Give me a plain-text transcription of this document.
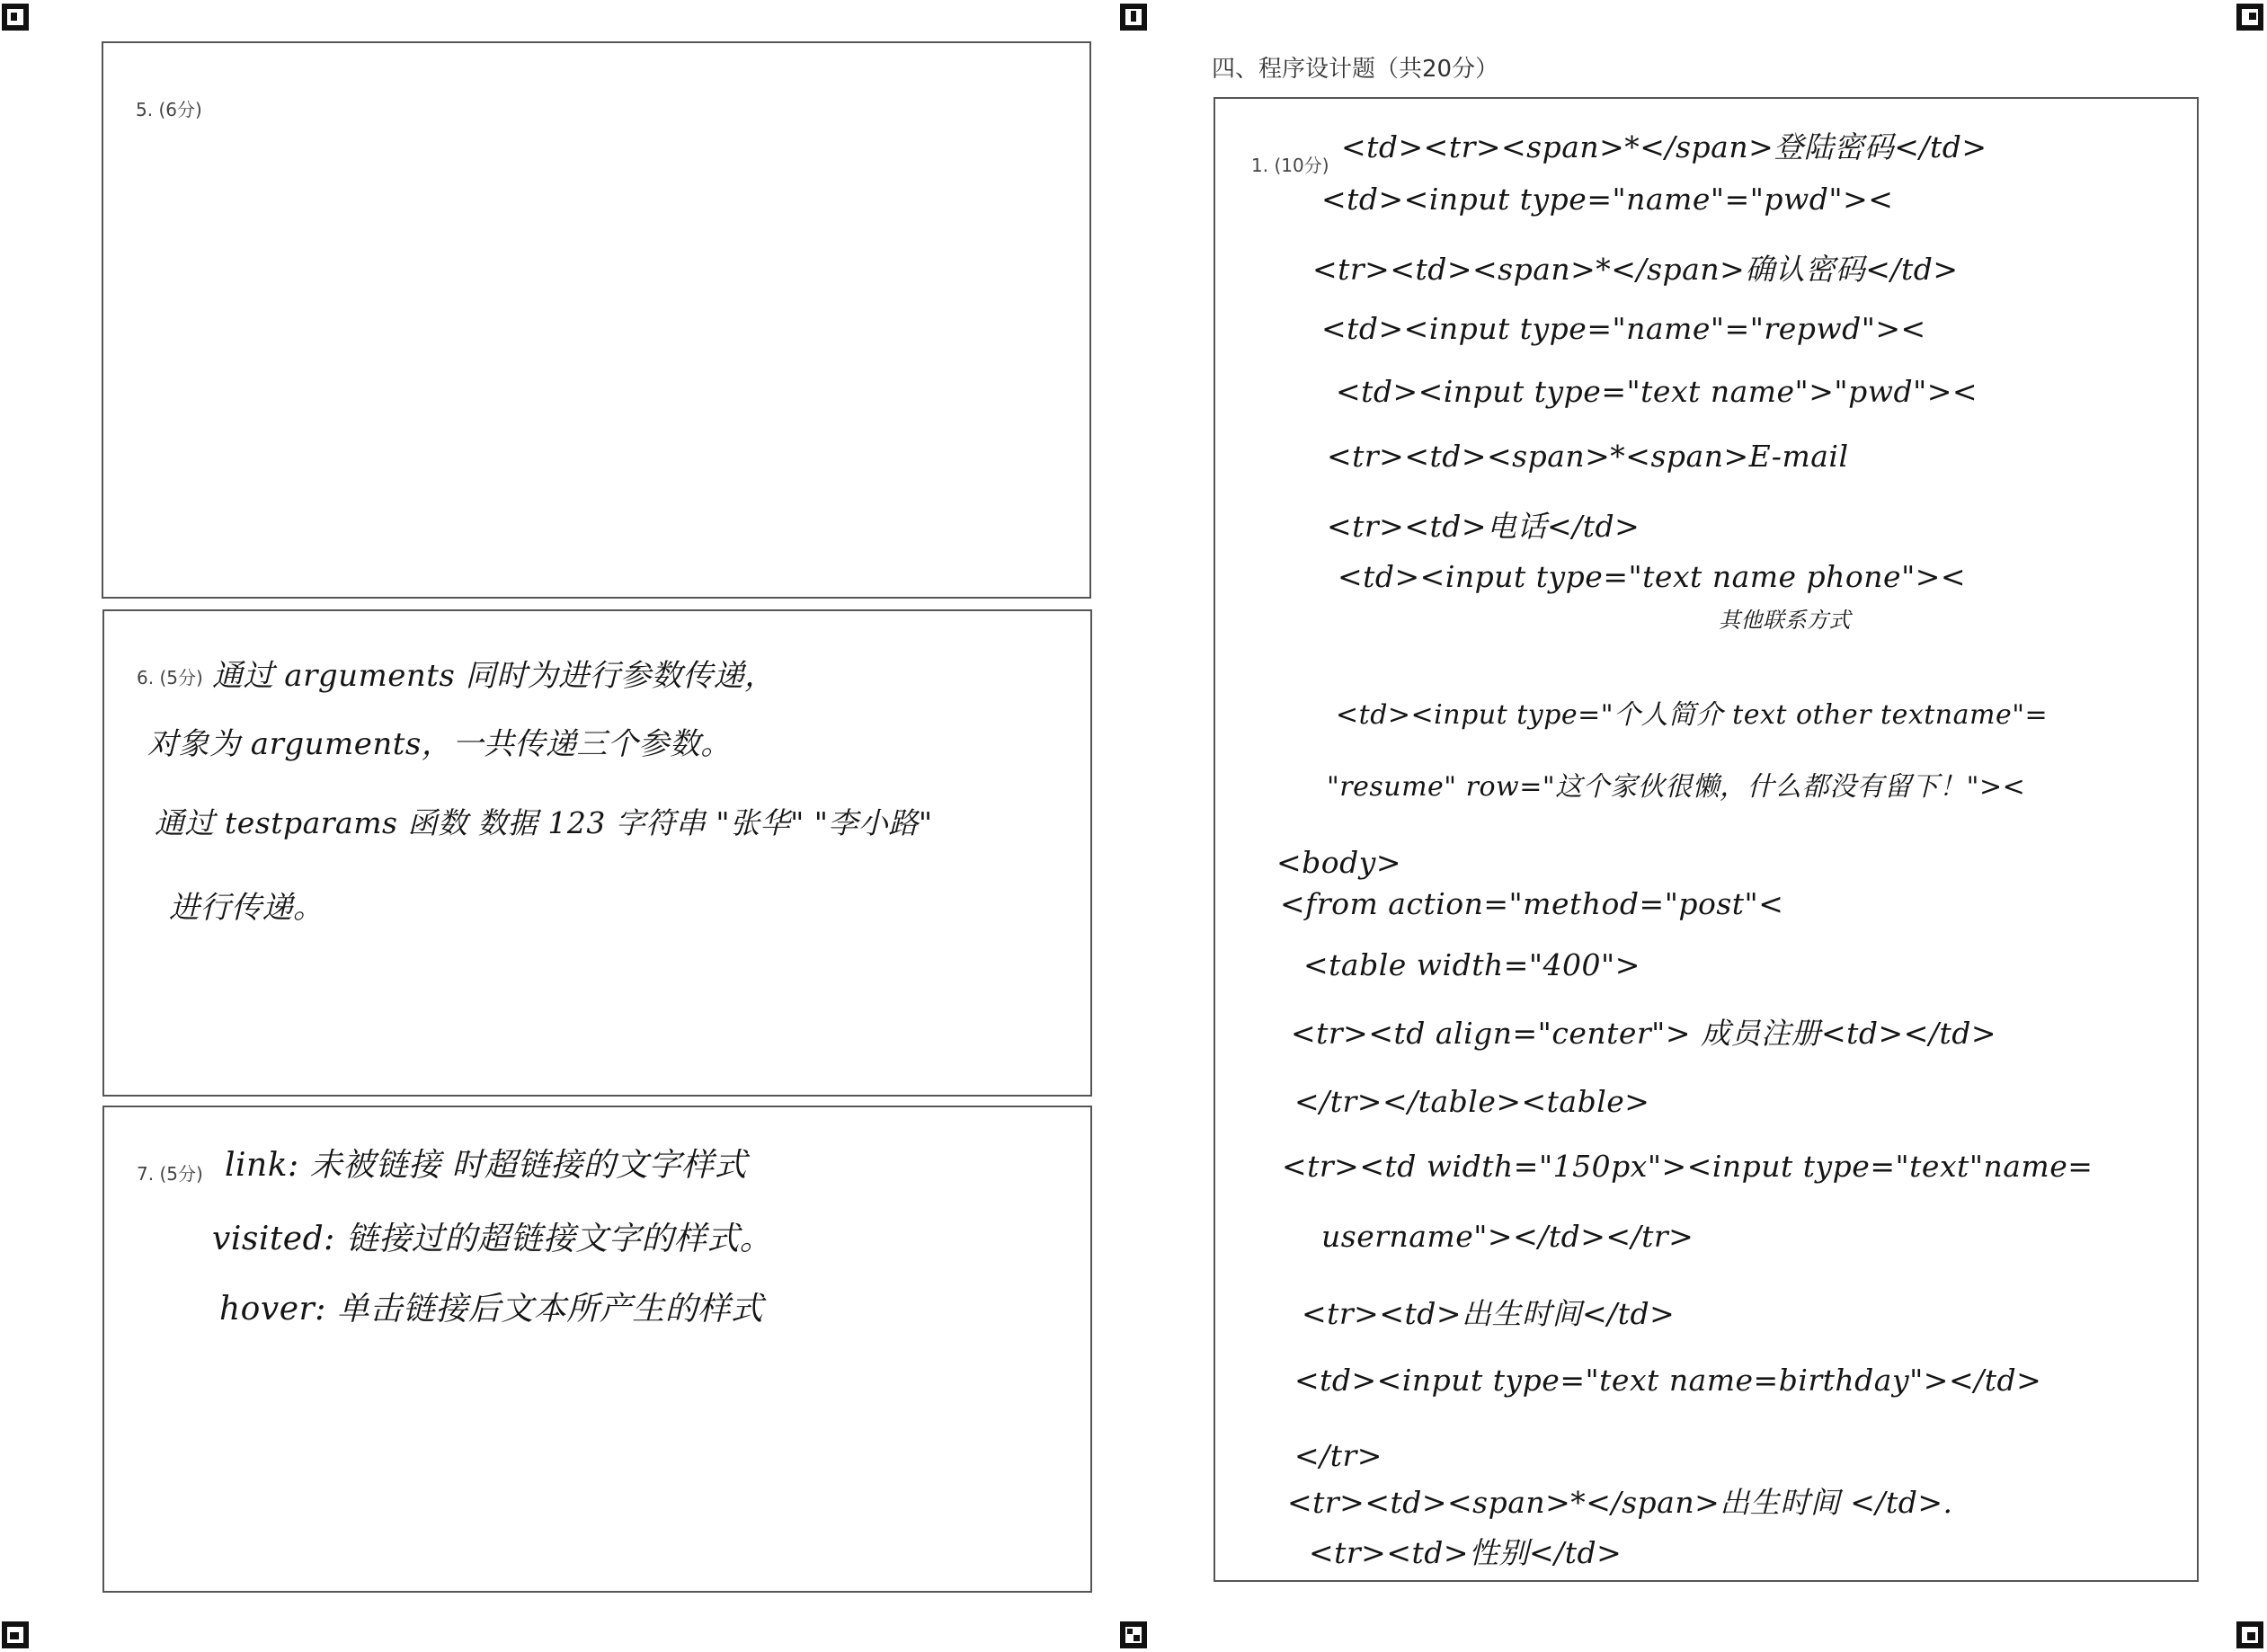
5. (6分)
6. (5分) 通过 arguments 同时为进行参数传递，
对象为 arguments，一共传递三个参数。
通过 testparams 函数 数据 123 字符串 "张华" "李小路"
进行传递。
7. (5分) link: 未被链接 时超链接的文字样式
visited: 链接过的超链接文字的样式。
hover: 单击链接后文本所产生的样式
四、程序设计题（共20分）
1. (10分)
<td><tr><span>*</span>登陆密码</td>
<td><input type="name"="pwd"><
<tr><td><span>*</span>确认密码</td>
<td><input type="name"="repwd"><
<td><input type="text name">"pwd"><
<tr><td><span>*<span>E-mail
<tr><td>电话</td>
<td><input type="text name phone"><
其他联系方式
<td><input type="个人简介 text other textname"=
"resume" row="这个家伙很懒，什么都没有留下！"><
<body>
<from action="method="post"<
<table width="400">
<tr><td align="center"> 成员注册<td></td>
</tr></table><table>
<tr><td width="150px"><input type="text"name=
username"></td></tr>
<tr><td>出生时间</td>
<td><input type="text name=birthday"></td>
</tr>
<tr><td><span>*</span>出生时间 </td>.
<tr><td>性别</td>
